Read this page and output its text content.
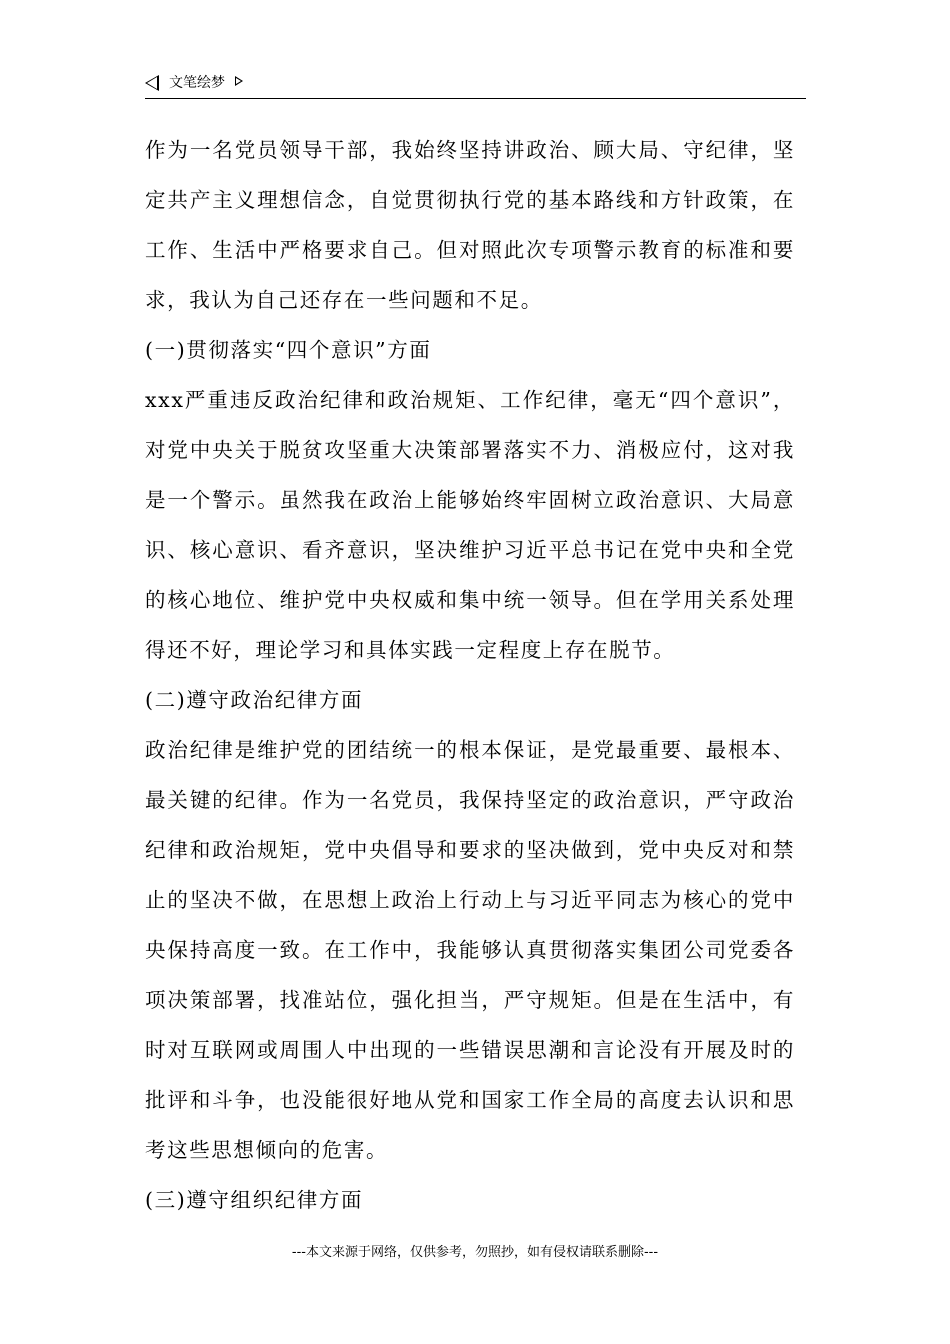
文笔绘梦

作为一名党员领导干部，我始终坚持讲政治、顾大局、守纪律，坚定共产主义理想信念，自觉贯彻执行党的基本路线和方针政策，在工作、生活中严格要求自己。但对照此次专项警示教育的标准和要求，我认为自己还存在一些问题和不足。

(一)贯彻落实“四个意识”方面

xxx严重违反政治纪律和政治规矩、工作纪律，毫无“四个意识”，对党中央关于脱贫攻坚重大决策部署落实不力、消极应付，这对我是一个警示。虽然我在政治上能够始终牢固树立政治意识、大局意识、核心意识、看齐意识，坚决维护习近平总书记在党中央和全党的核心地位、维护党中央权威和集中统一领导。但在学用关系处理得还不好，理论学习和具体实践一定程度上存在脱节。

(二)遵守政治纪律方面

政治纪律是维护党的团结统一的根本保证，是党最重要、最根本、最关键的纪律。作为一名党员，我保持坚定的政治意识，严守政治纪律和政治规矩，党中央倡导和要求的坚决做到，党中央反对和禁止的坚决不做，在思想上政治上行动上与习近平同志为核心的党中央保持高度一致。在工作中，我能够认真贯彻落实集团公司党委各项决策部署，找准站位，强化担当，严守规矩。但是在生活中，有时对互联网或周围人中出现的一些错误思潮和言论没有开展及时的批评和斗争，也没能很好地从党和国家工作全局的高度去认识和思考这些思想倾向的危害。

(三)遵守组织纪律方面

---本文来源于网络，仅供参考，勿照抄，如有侵权请联系删除---
